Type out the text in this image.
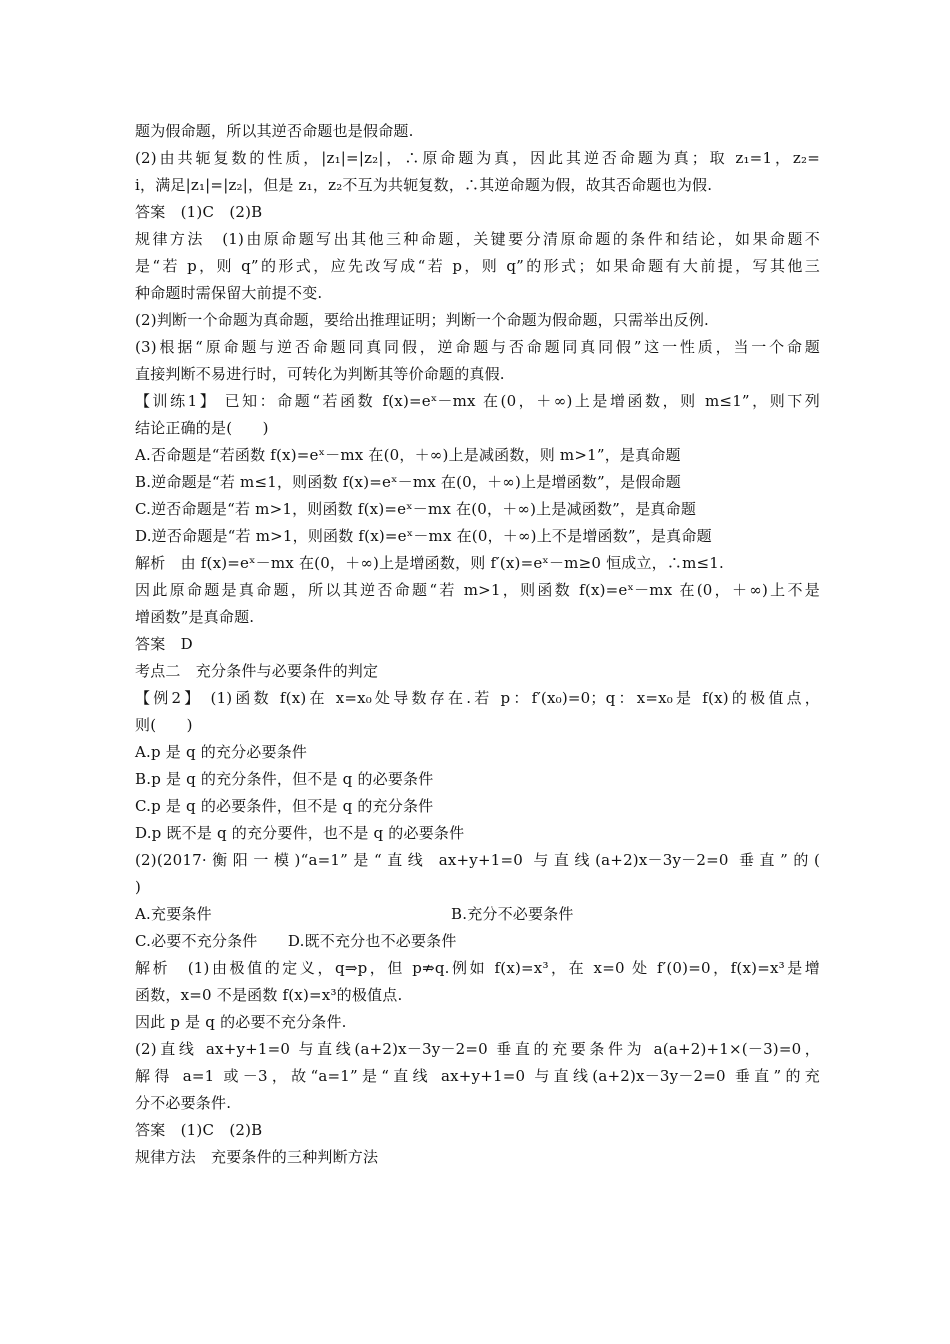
题为假命题，所以其逆否命题也是假命题.
(2)由共轭复数的性质，|z₁|=|z₂|，∴原命题为真，因此其逆否命题为真；取 z₁=1，z₂=
i，满足|z₁|=|z₂|，但是 z₁，z₂不互为共轭复数，∴其逆命题为假，故其否命题也为假.
答案　(1)C　(2)B
规律方法　(1)由原命题写出其他三种命题，关键要分清原命题的条件和结论，如果命题不
是“若 p，则 q”的形式，应先改写成“若 p，则 q”的形式；如果命题有大前提，写其他三
种命题时需保留大前提不变.
(2)判断一个命题为真命题，要给出推理证明；判断一个命题为假命题，只需举出反例.
(3)根据“原命题与逆否命题同真同假，逆命题与否命题同真同假”这一性质，当一个命题
直接判断不易进行时，可转化为判断其等价命题的真假.
【训练1】 已知：命题“若函数 f(x)=eˣ－mx 在(0，＋∞)上是增函数，则 m≤1”，则下列
结论正确的是(　　)
A.否命题是“若函数 f(x)=eˣ－mx 在(0，＋∞)上是减函数，则 m>1”，是真命题
B.逆命题是“若 m≤1，则函数 f(x)=eˣ－mx 在(0，＋∞)上是增函数”，是假命题
C.逆否命题是“若 m>1，则函数 f(x)=eˣ－mx 在(0，＋∞)上是减函数”，是真命题
D.逆否命题是“若 m>1，则函数 f(x)=eˣ－mx 在(0，＋∞)上不是增函数”，是真命题
解析　由 f(x)=eˣ－mx 在(0，＋∞)上是增函数，则 f′(x)=eˣ－m≥0 恒成立，∴m≤1.
因此原命题是真命题，所以其逆否命题“若 m>1，则函数 f(x)=eˣ－mx 在(0，＋∞)上不是
增函数”是真命题.
答案　D
考点二　充分条件与必要条件的判定
【例2】 (1)函数 f(x)在 x=x₀处导数存在.若 p：f′(x₀)=0；q：x=x₀是 f(x)的极值点，
则(　　)
A.p 是 q 的充分必要条件
B.p 是 q 的充分条件，但不是 q 的必要条件
C.p 是 q 的必要条件，但不是 q 的充分条件
D.p 既不是 q 的充分要件，也不是 q 的必要条件
(2)(2017·衡阳一模)“a=1”是“直线 ax+y+1=0 与直线(a+2)x－3y－2=0 垂直”的(
)
A.充要条件	B.充分不必要条件
C.必要不充分条件　　D.既不充分也不必要条件
解析　(1)由极值的定义，q⇒p，但 p⇏q.例如 f(x)=x³，在 x=0 处 f′(0)=0，f(x)=x³是增
函数，x=0 不是函数 f(x)=x³的极值点.
因此 p 是 q 的必要不充分条件.
(2)直线 ax+y+1=0 与直线(a+2)x－3y－2=0 垂直的充要条件为 a(a+2)+1×(－3)=0，
解得 a=1 或－3，故“a=1”是“直线 ax+y+1=0 与直线(a+2)x－3y－2=0 垂直”的充
分不必要条件.
答案　(1)C　(2)B
规律方法　充要条件的三种判断方法
